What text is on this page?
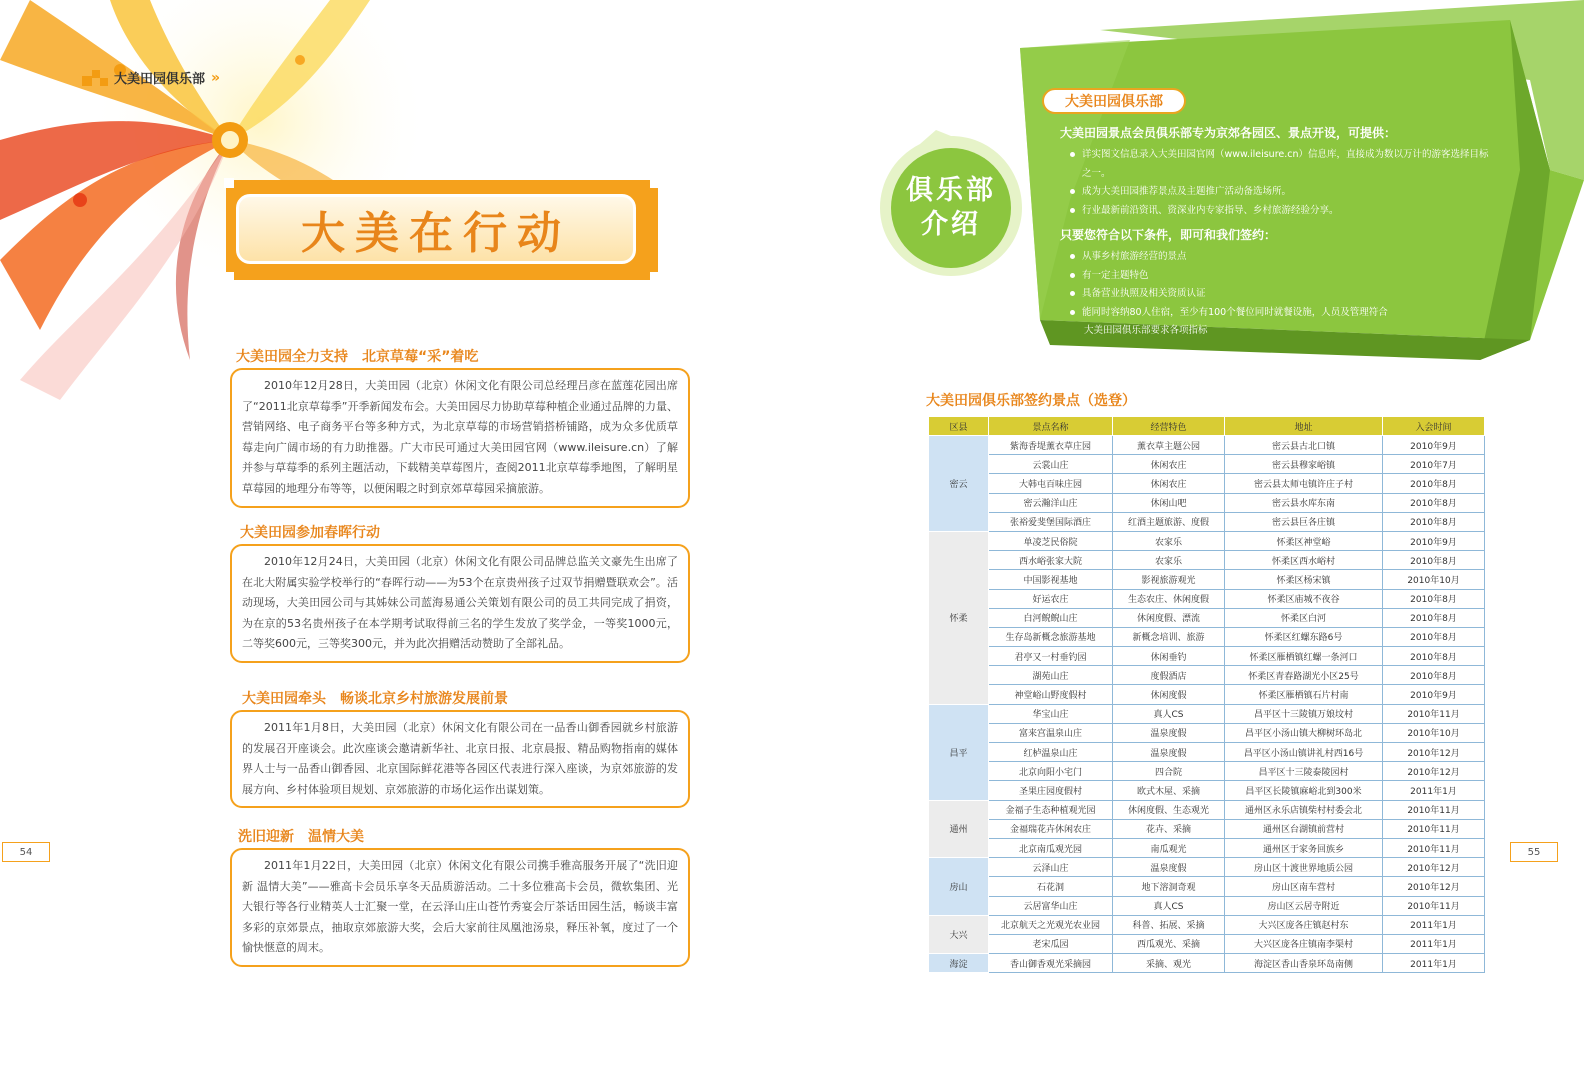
大美田园俱乐部 »
大美在行动
大美田园全力支持　北京草莓“采”着吃
2010年12月28日，大美田园（北京）休闲文化有限公司总经理吕彦在蓝莲花园出席了“2011北京草莓季”开季新闻发布会。大美田园尽力协助草莓种植企业通过品牌的力量、营销网络、电子商务平台等多种方式，为北京草莓的市场营销搭桥铺路，成为众多优质草莓走向广阔市场的有力助推器。广大市民可通过大美田园官网（www.ileisure.cn）了解并参与草莓季的系列主题活动，下载精美草莓图片，查阅2011北京草莓季地图，了解明星草莓园的地理分布等等，以便闲暇之时到京郊草莓园采摘旅游。
大美田园参加春晖行动
2010年12月24日，大美田园（北京）休闲文化有限公司品牌总监关文豪先生出席了在北大附属实验学校举行的“春晖行动——为53个在京贵州孩子过双节捐赠暨联欢会”。活动现场，大美田园公司与其姊妹公司蓝海易通公关策划有限公司的员工共同完成了捐资，为在京的53名贵州孩子在本学期考试取得前三名的学生发放了奖学金，一等奖1000元，二等奖600元，三等奖300元，并为此次捐赠活动赞助了全部礼品。
大美田园牵头　畅谈北京乡村旅游发展前景
2011年1月8日，大美田园（北京）休闲文化有限公司在一品香山御香园就乡村旅游的发展召开座谈会。此次座谈会邀请新华社、北京日报、北京晨报、精品购物指南的媒体界人士与一品香山御香园、北京国际鲜花港等各园区代表进行深入座谈，为京郊旅游的发展方向、乡村体验项目规划、京郊旅游的市场化运作出谋划策。
洗旧迎新　温情大美
2011年1月22日，大美田园（北京）休闲文化有限公司携手雅高服务开展了“洗旧迎新 温情大美”——雅高卡会员乐享冬天品质游活动。二十多位雅高卡会员，微软集团、光大银行等各行业精英人士汇聚一堂，在云泽山庄山苍竹秀宴会厅茶话田园生活，畅谈丰富多彩的京郊景点，抽取京郊旅游大奖，会后大家前往凤凰池汤泉，释压补氧，度过了一个愉快惬意的周末。
54
俱乐部
介绍
大美田园俱乐部
大美田园景点会员俱乐部专为京郊各园区、景点开设，可提供：
详实图文信息录入大美田园官网（www.ileisure.cn）信息库，直接成为数以万计的游客选择目标之一。
成为大美田园推荐景点及主题推广活动备选场所。
行业最新前沿资讯、资深业内专家指导、乡村旅游经验分享。
只要您符合以下条件，即可和我们签约：
从事乡村旅游经营的景点
有一定主题特色
具备营业执照及相关资质认证
能同时容纳80人住宿，至少有100个餐位同时就餐设施，人员及管理符合
大美田园俱乐部要求各项指标
大美田园俱乐部签约景点（选登）
区县	景点名称	经营特色	地址	入会时间
密云	紫海香堤薰衣草庄园	薰衣草主题公园	密云县古北口镇	2010年9月
	云裳山庄	休闲农庄	密云县穆家峪镇	2010年7月
	大韩屯百味庄园	休闲农庄	密云县太师屯镇许庄子村	2010年8月
	密云瀚洋山庄	休闲山吧	密云县水库东南	2010年8月
	张裕爱斐堡国际酒庄	红酒主题旅游、度假	密云县巨各庄镇	2010年8月
怀柔	单凌芝民俗院	农家乐	怀柔区神堂峪	2010年9月
	西水峪张家大院	农家乐	怀柔区西水峪村	2010年8月
	中国影视基地	影视旅游观光	怀柔区杨宋镇	2010年10月
	好运农庄	生态农庄、休闲度假	怀柔区庙城不夜谷	2010年8月
	白河鲵鲵山庄	休闲度假、漂流	怀柔区白河	2010年8月
	生存岛新概念旅游基地	新概念培训、旅游	怀柔区红螺东路6号	2010年8月
	君亭又一村垂钓园	休闲垂钓	怀柔区雁栖镇红螺一条河口	2010年8月
	湖苑山庄	度假酒店	怀柔区青春路湖光小区25号	2010年8月
	神堂峪山野度假村	休闲度假	怀柔区雁栖镇石片村南	2010年9月
昌平	华宝山庄	真人CS	昌平区十三陵镇万娘坟村	2010年11月
	富来宫温泉山庄	温泉度假	昌平区小汤山镇大柳树环岛北	2010年10月
	红栌温泉山庄	温泉度假	昌平区小汤山镇讲礼村西16号	2010年12月
	北京向阳小宅门	四合院	昌平区十三陵泰陵园村	2010年12月
	圣果庄园度假村	欧式木屋、采摘	昌平区长陵镇麻峪北到300米	2011年1月
通州	金福子生态种植观光园	休闲度假、生态观光	通州区永乐店镇柴村村委会北	2010年11月
	金福瑞花卉休闲农庄	花卉、采摘	通州区台湖镇前营村	2010年11月
	北京南瓜观光园	南瓜观光	通州区于家务回族乡	2010年11月
房山	云泽山庄	温泉度假	房山区十渡世界地质公园	2010年12月
	石花洞	地下溶洞奇观	房山区南车营村	2010年12月
	云居富华山庄	真人CS	房山区云居寺附近	2010年11月
大兴	北京航天之光观光农业园	科普、拓展、采摘	大兴区庞各庄镇赵村东	2011年1月
	老宋瓜园	西瓜观光、采摘	大兴区庞各庄镇南李渠村	2011年1月
海淀	香山御香观光采摘园	采摘、观光	海淀区香山香泉环岛南侧	2011年1月
55
